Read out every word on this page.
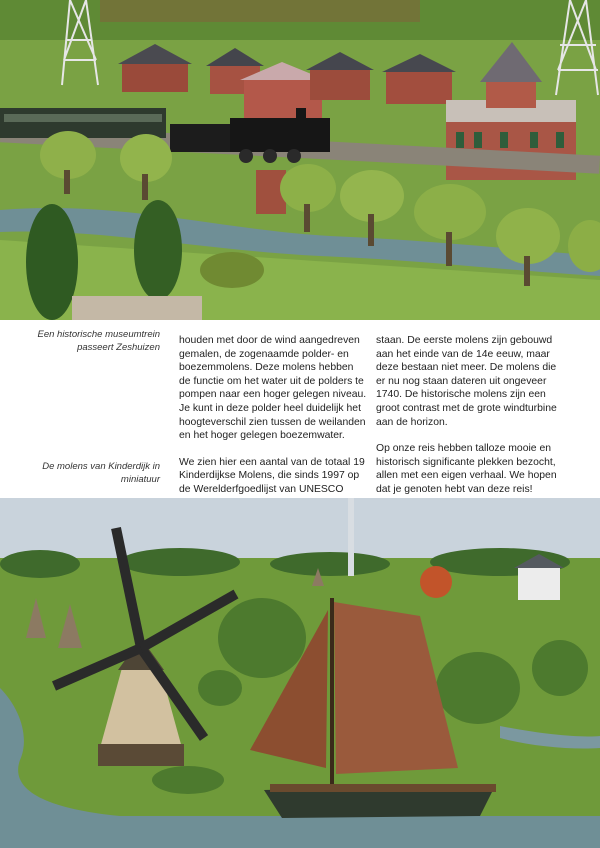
Een historische museumtrein passeert Zeshuizen
De molens van Kinderdijk in miniatuur

houden met door de wind aangedreven gemalen, de zogenaamde polder- en boezemmolens. Deze molens hebben de functie om het water uit de polders te pompen naar een hoger gelegen niveau. Je kunt in deze polder heel duidelijk het hoogteverschil zien tussen de weilanden en het hoger gelegen boezemwater.

We zien hier een aantal van de totaal 19 Kinderdijkse Molens, die sinds 1997 op de Werelderfgoedlijst van UNESCO

staan. De eerste molens zijn gebouwd aan het einde van de 14e eeuw, maar deze bestaan niet meer. De molens die er nu nog staan dateren uit ongeveer 1740. De historische molens zijn een groot contrast met de grote windturbine aan de horizon.

Op onze reis hebben talloze mooie en historisch significante plekken bezocht, allen met een eigen verhaal. We hopen dat je genoten hebt van deze reis!
